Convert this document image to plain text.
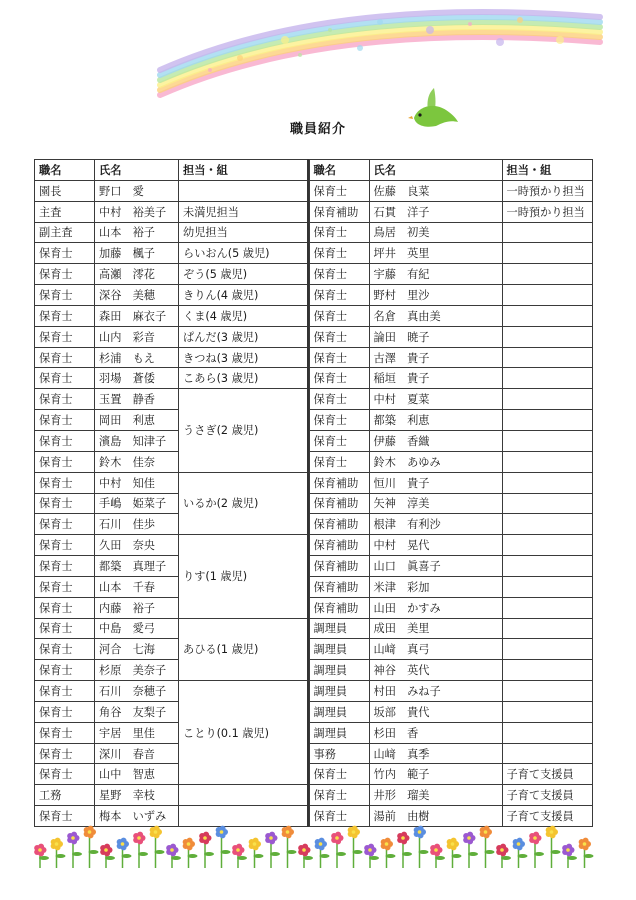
職員紹介
職名	氏名	担当・組
園長	野口　愛	
主査	中村　裕美子	未満児担当
副主査	山本　裕子	幼児担当
保育士	加藤　楓子	らいおん(5 歳児)
保育士	高瀬　澪花	ぞう(5 歳児)
保育士	深谷　美穂	きりん(4 歳児)
保育士	森田　麻衣子	くま(4 歳児)
保育士	山内　彩音	ぱんだ(3 歳児)
保育士	杉浦　もえ	きつね(3 歳児)
保育士	羽場　蒼倭	こあら(3 歳児)
保育士	玉置　静香	うさぎ(2 歳児)
保育士	岡田　利恵	
保育士	濱島　知津子	
保育士	鈴木　佳奈	
保育士	中村　知佳	いるか(2 歳児)
保育士	手嶋　姫菜子	
保育士	石川　佳歩	
保育士	久田　奈央	りす(1 歳児)
保育士	都築　真理子	
保育士	山本　千春	
保育士	内藤　裕子	
保育士	中島　愛弓	あひる(1 歳児)
保育士	河合　七海	
保育士	杉原　美奈子	
保育士	石川　奈穂子	ことり(0.1 歳児)
保育士	角谷　友梨子	
保育士	宇居　里佳	
保育士	深川　春音	
保育士	山中　智恵	
工務	星野　幸枝	
保育士	梅本　いずみ	
職名	氏名	担当・組
保育士	佐藤　良菜	一時預かり担当
保育補助	石貫　洋子	一時預かり担当
保育士	鳥居　初美	
保育士	坪井　英里	
保育士	宇藤　有紀	
保育士	野村　里沙	
保育士	名倉　真由美	
保育士	論田　暁子	
保育士	古澤　貴子	
保育士	稲垣　貴子	
保育士	中村　夏菜	
保育士	都築　利恵	
保育士	伊藤　香織	
保育士	鈴木　あゆみ	
保育補助	恒川　貴子	
保育補助	矢神　淳美	
保育補助	根津　有利沙	
保育補助	中村　晃代	
保育補助	山口　眞喜子	
保育補助	米津　彩加	
保育補助	山田　かすみ	
調理員	成田　美里	
調理員	山﨑　真弓	
調理員	神谷　英代	
調理員	村田　みね子	
調理員	坂部　貴代	
調理員	杉田　香	
事務	山﨑　真季	
保育士	竹内　範子	子育て支援員
保育士	井形　瑠美	子育て支援員
保育士	湯前　由樹	子育て支援員
